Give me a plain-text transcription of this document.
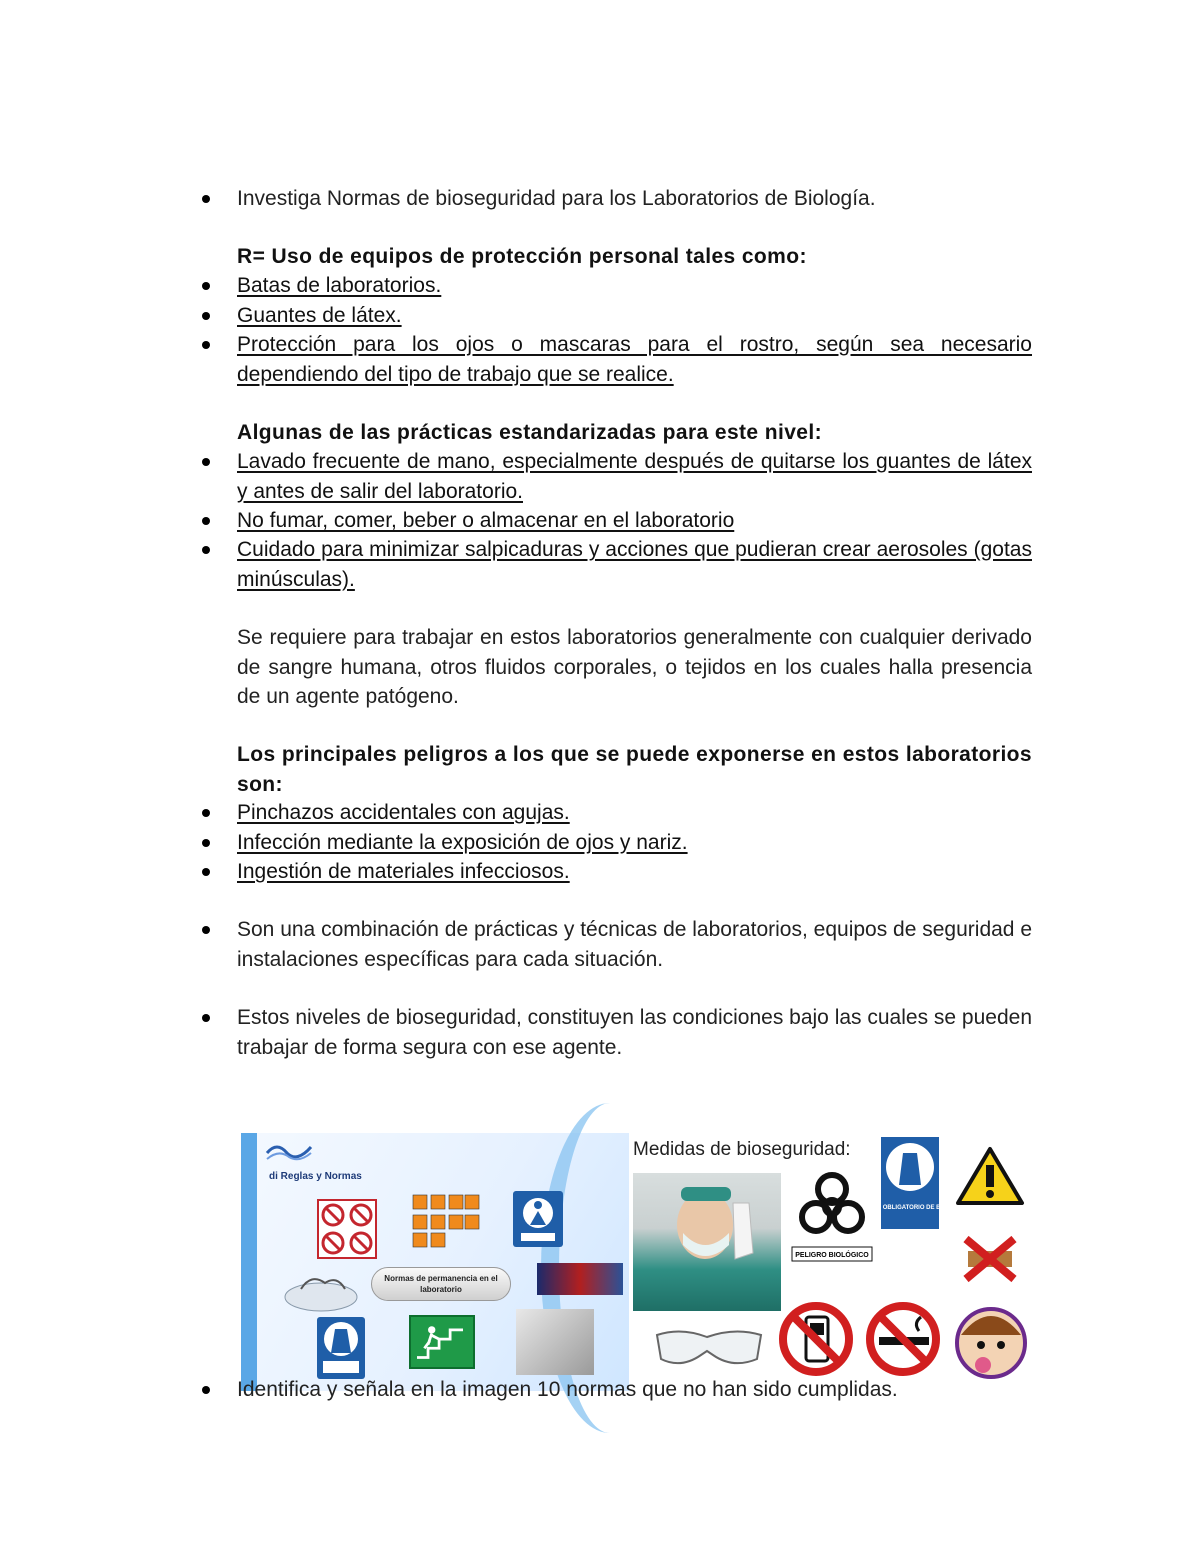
Investiga Normas de bioseguridad para los Laboratorios de Biología.
R= Uso de equipos de protección personal tales como:
Batas de laboratorios.
Guantes de látex.
Protección para los ojos o mascaras para el rostro, según sea necesario dependiendo del tipo de trabajo que se realice.
Algunas de las prácticas estandarizadas para este nivel:
Lavado frecuente de mano, especialmente después de quitarse los guantes de látex y antes de salir del laboratorio.
No fumar, comer, beber o almacenar en el laboratorio
Cuidado para minimizar salpicaduras y acciones que pudieran crear aerosoles (gotas minúsculas).
Se requiere para trabajar en estos laboratorios generalmente con cualquier derivado de sangre humana, otros fluidos corporales, o tejidos en los cuales halla presencia de un agente patógeno.
Los principales peligros a los que se puede exponerse en estos laboratorios son:
Pinchazos accidentales con agujas.
Infección mediante la exposición de ojos y nariz.
Ingestión de materiales infecciosos.
Son una combinación de prácticas y técnicas de laboratorios, equipos de seguridad e instalaciones específicas para cada situación.
Estos niveles de bioseguridad, constituyen las condiciones bajo las cuales se pueden trabajar de forma segura con ese agente.
di Reglas y Normas
Normas de permanencia en el laboratorio
Medidas de bioseguridad:
PELIGRO BIOLÓGICO
USO OBLIGATORIO DE BATA
Identifica y señala en la imagen 10 normas que no han sido cumplidas.
